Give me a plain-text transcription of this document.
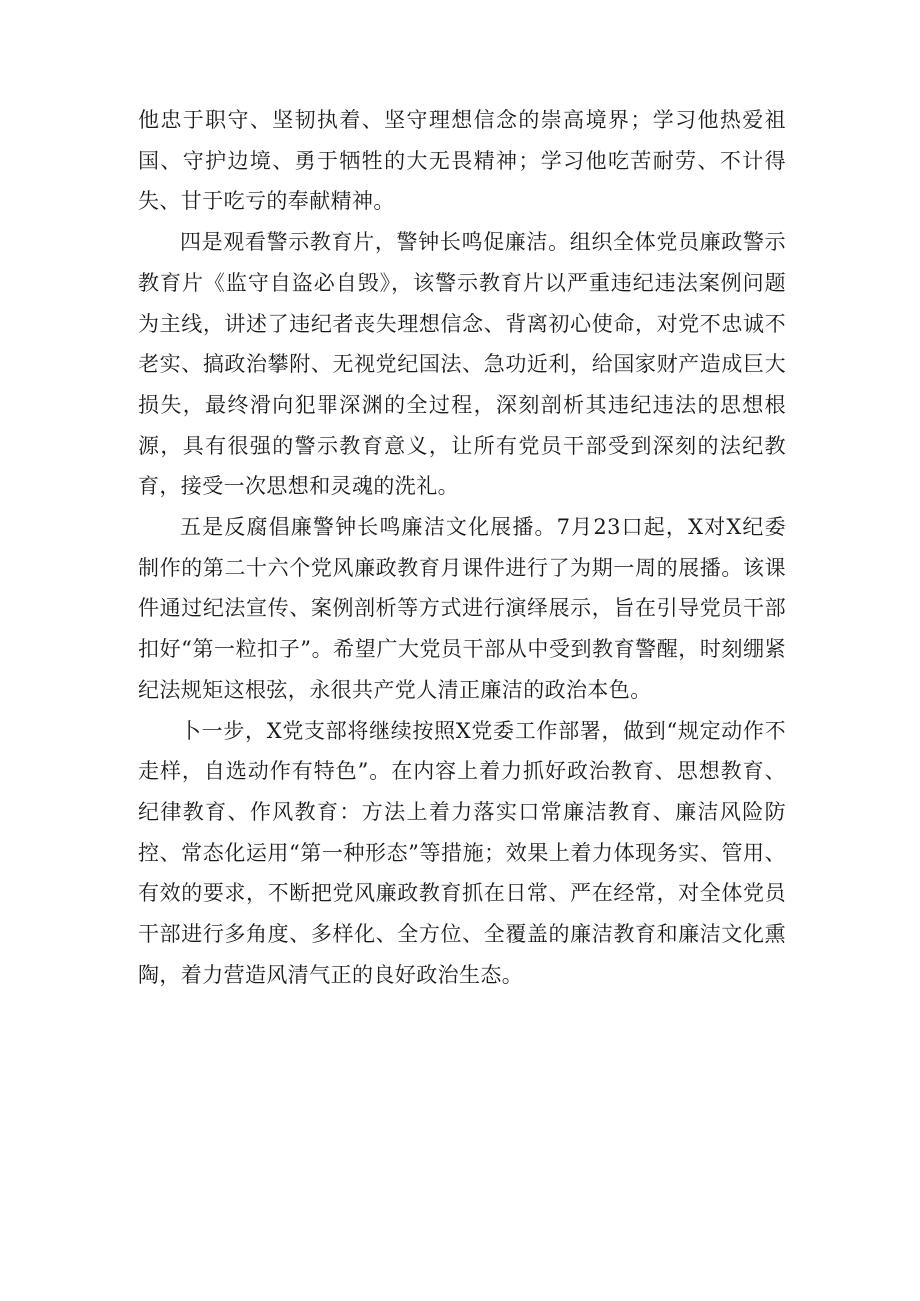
他忠于职守、坚韧执着、坚守理想信念的崇高境界；学习他热爱祖国、守护边境、勇于牺牲的大无畏精神；学习他吃苦耐劳、不计得失、甘于吃亏的奉献精神。

四是观看警示教育片，警钟长鸣促廉洁。组织全体党员廉政警示教育片《监守自盗必自毁》，该警示教育片以严重违纪违法案例问题为主线，讲述了违纪者丧失理想信念、背离初心使命，对党不忠诚不老实、搞政治攀附、无视党纪国法、急功近利，给国家财产造成巨大损失，最终滑向犯罪深渊的全过程，深刻剖析其违纪违法的思想根源，具有很强的警示教育意义，让所有党员干部受到深刻的法纪教育，接受一次思想和灵魂的洗礼。

五是反腐倡廉警钟长鸣廉洁文化展播。7月23口起，X对X纪委制作的第二十六个党风廉政教育月课件进行了为期一周的展播。该课件通过纪法宣传、案例剖析等方式进行演绎展示，旨在引导党员干部扣好“第一粒扣子”。希望广大党员干部从中受到教育警醒，时刻绷紧纪法规矩这根弦，永很共产党人清正廉洁的政治本色。

卜一步，X党支部将继续按照X党委工作部署，做到“规定动作不走样，自选动作有特色”。在内容上着力抓好政治教育、思想教育、纪律教育、作风教育：方法上着力落实口常廉洁教育、廉洁风险防控、常态化运用“第一种形态”等措施；效果上着力体现务实、管用、有效的要求，不断把党风廉政教育抓在日常、严在经常，对全体党员干部进行多角度、多样化、全方位、全覆盖的廉洁教育和廉洁文化熏陶，着力营造风清气正的良好政治生态。
